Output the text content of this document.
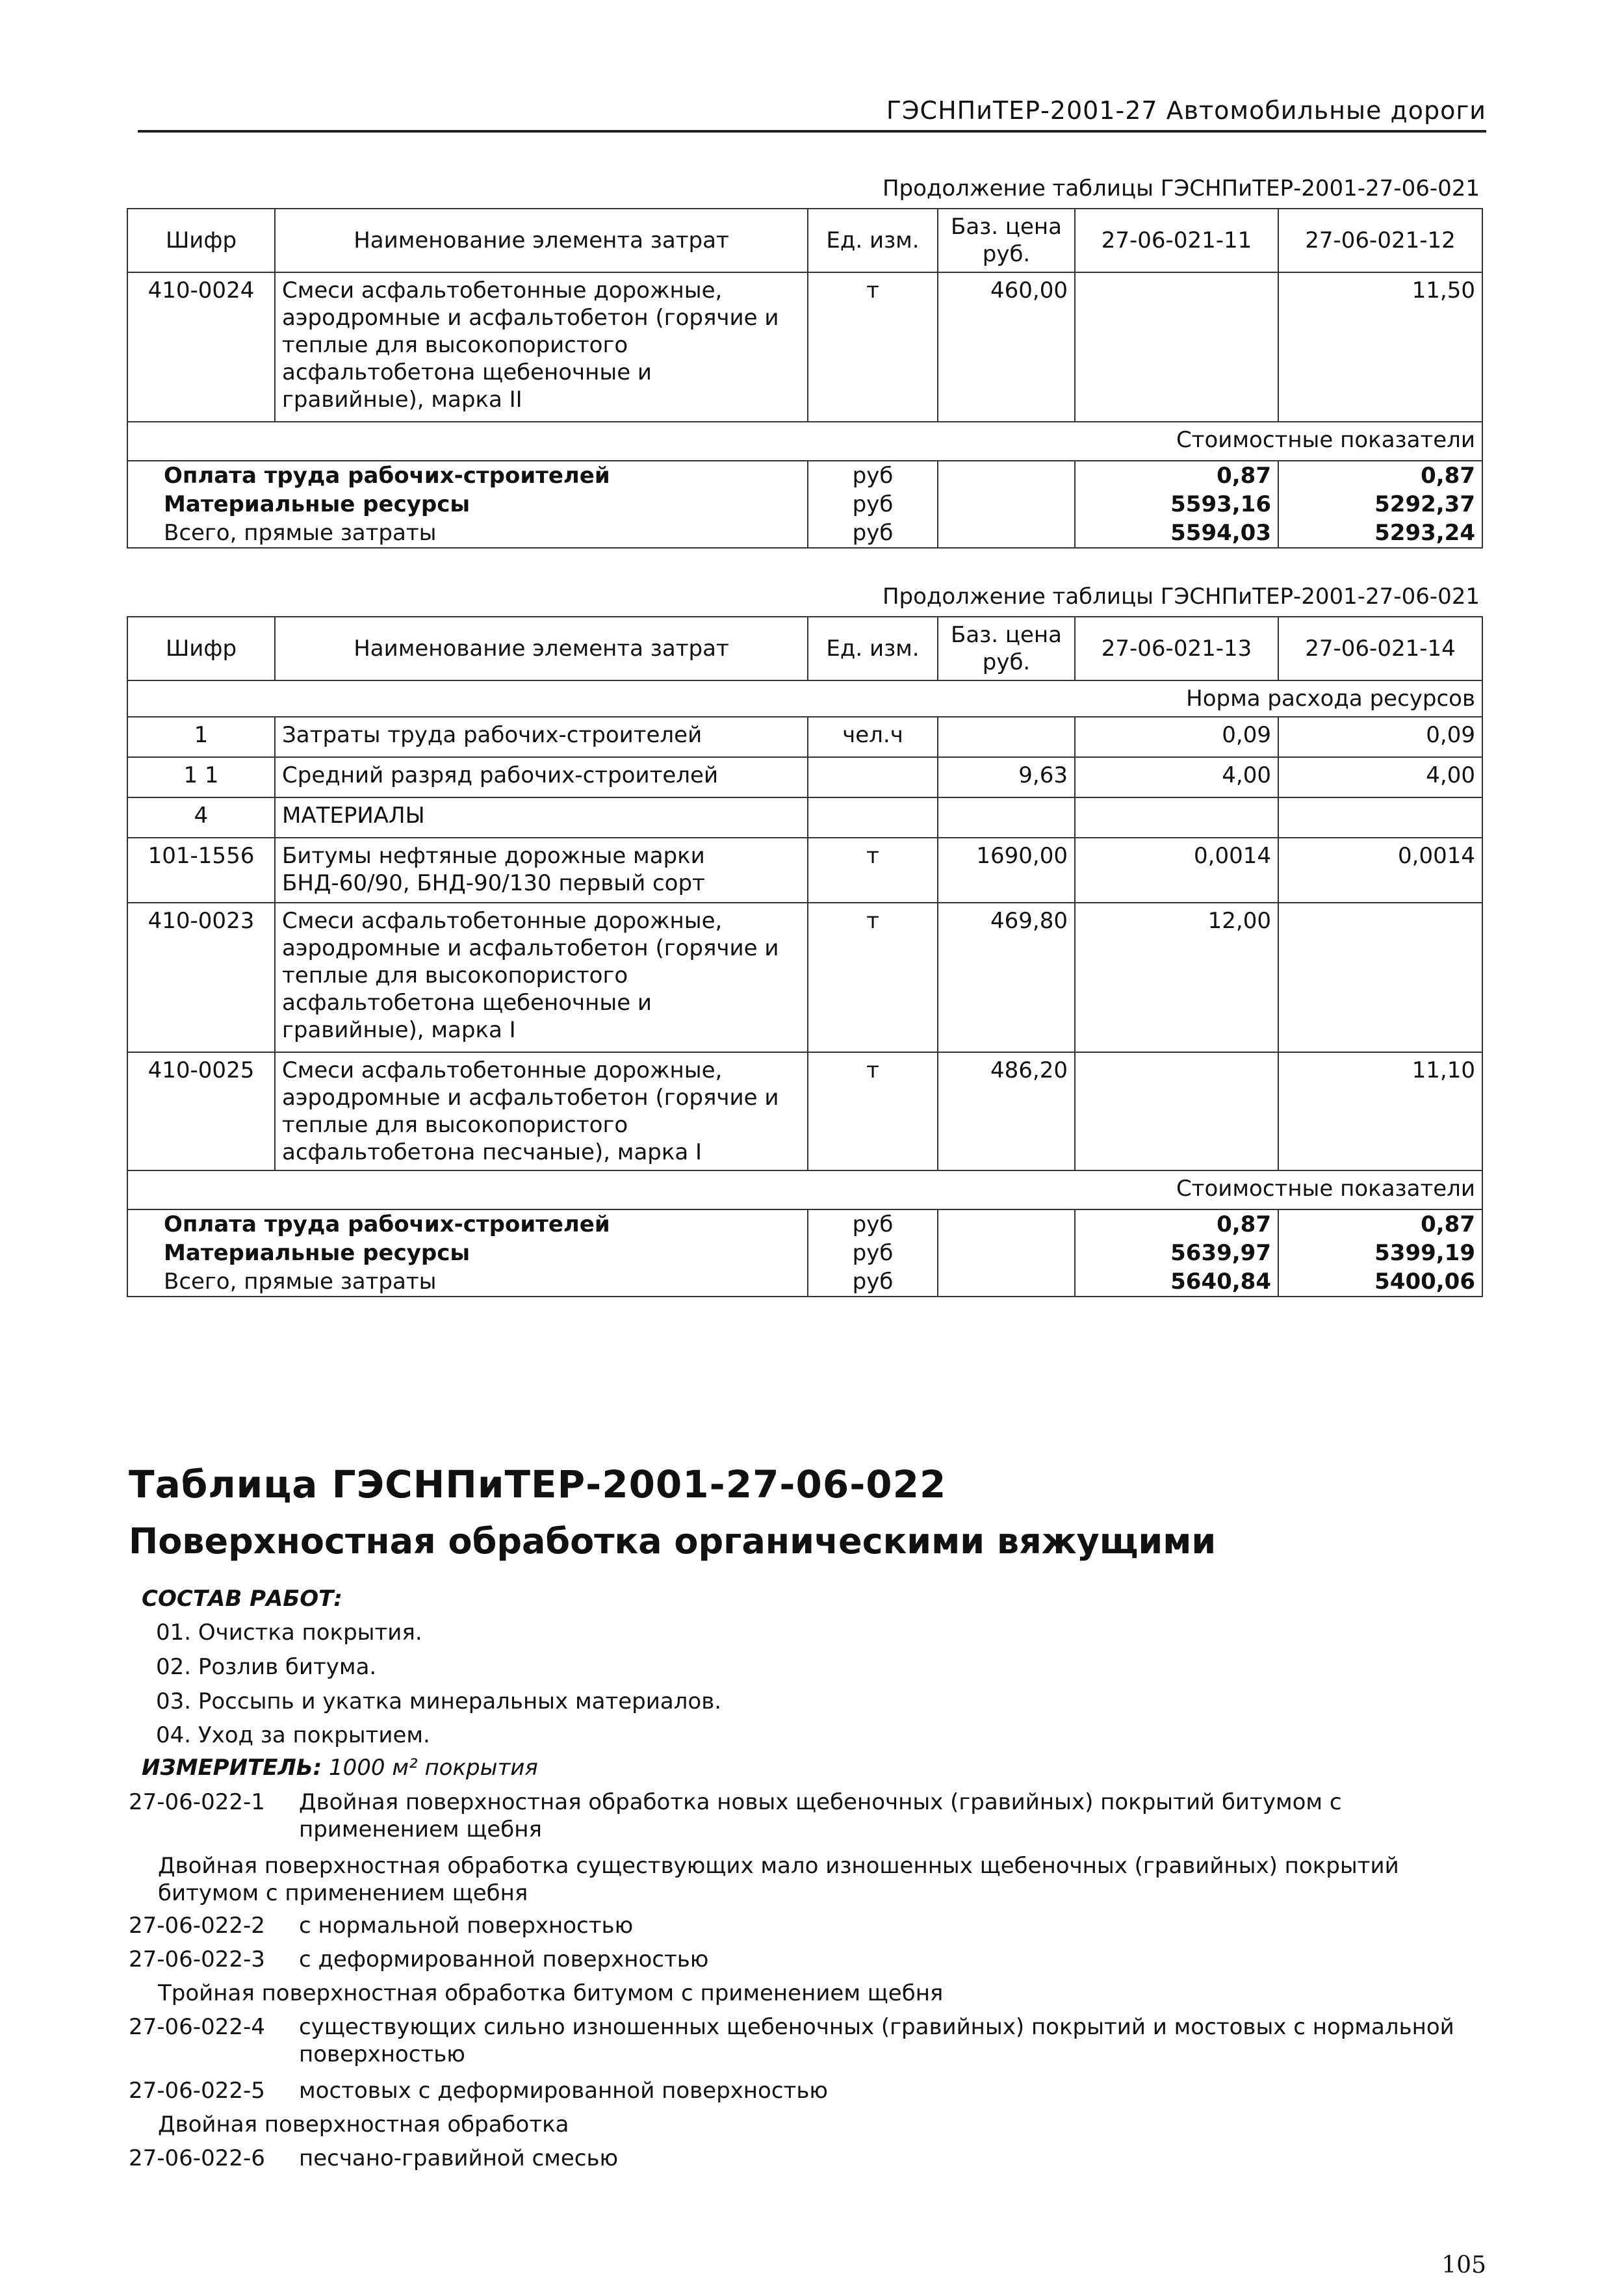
ГЭСНПиТЕР-2001-27 Автомобильные дороги
Продолжение таблицы ГЭСНПиТЕР-2001-27-06-021
Шифр	Наименование элемента затрат	Ед. изм.	Баз. цена руб.	27-06-021-11	27-06-021-12
410-0024	Смеси асфальтобетонные дорожные, аэродромные и асфальтобетон (горячие и теплые для высокопористого асфальтобетона щебеночные и гравийные), марка II	т	460,00		11,50
Стоимостные показатели					
Оплата труда рабочих-строителей		руб		0,87	0,87
Материальные ресурсы		руб		5593,16	5292,37
Всего, прямые затраты		руб		5594,03	5293,24
Продолжение таблицы ГЭСНПиТЕР-2001-27-06-021
Шифр	Наименование элемента затрат	Ед. изм.	Баз. цена руб.	27-06-021-13	27-06-021-14
Норма расхода ресурсов					
1	Затраты труда рабочих-строителей	чел.ч		0,09	0,09
1 1	Средний разряд рабочих-строителей		9,63	4,00	4,00
4	МАТЕРИАЛЫ				
101-1556	Битумы нефтяные дорожные марки БНД-60/90, БНД-90/130 первый сорт	т	1690,00	0,0014	0,0014
410-0023	Смеси асфальтобетонные дорожные, аэродромные и асфальтобетон (горячие и теплые для высокопористого асфальтобетона щебеночные и гравийные), марка I	т	469,80	12,00	
410-0025	Смеси асфальтобетонные дорожные, аэродромные и асфальтобетон (горячие и теплые для высокопористого асфальтобетона песчаные), марка I	т	486,20		11,10
Стоимостные показатели					
Оплата труда рабочих-строителей		руб		0,87	0,87
Материальные ресурсы		руб		5639,97	5399,19
Всего, прямые затраты		руб		5640,84	5400,06
Таблица ГЭСНПиТЕР-2001-27-06-022
Поверхностная обработка органическими вяжущими
СОСТАВ РАБОТ:
01. Очистка покрытия.
02. Розлив битума.
03. Россыпь и укатка минеральных материалов.
04. Уход за покрытием.
ИЗМЕРИТЕЛЬ: 1000 м² покрытия
27-06-022-1	Двойная поверхностная обработка новых щебеночных (гравийных) покрытий битумом с применением щебня
Двойная поверхностная обработка существующих мало изношенных щебеночных (гравийных) покрытий битумом с применением щебня
27-06-022-2	с нормальной поверхностью
27-06-022-3	с деформированной поверхностью
Тройная поверхностная обработка битумом с применением щебня
27-06-022-4	существующих сильно изношенных щебеночных (гравийных) покрытий и мостовых с нормальной поверхностью
27-06-022-5	мостовых с деформированной поверхностью
Двойная поверхностная обработка
27-06-022-6	песчано-гравийной смесью
105
